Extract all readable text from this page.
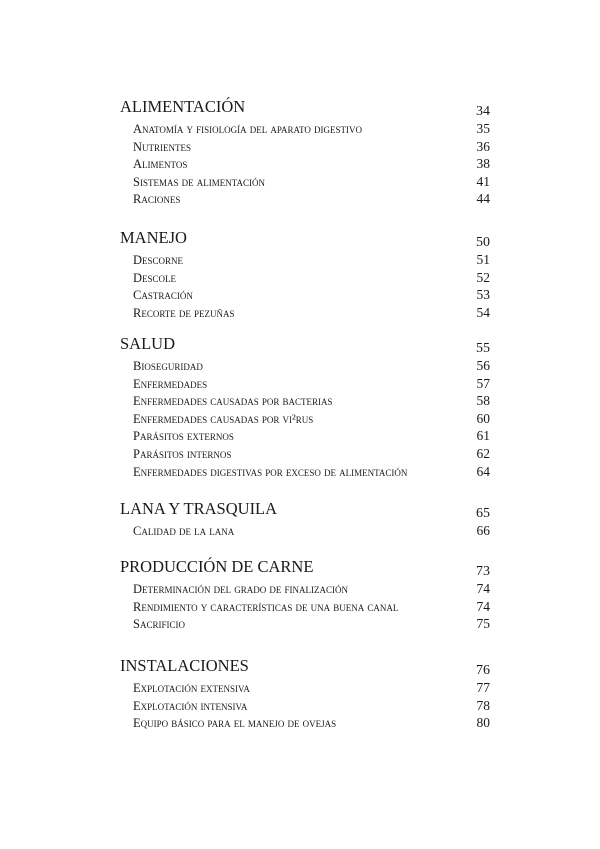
ALIMENTACIÓN	34
Anatomía y fisiología del aparato digestivo	35
Nutrientes	36
Alimentos	38
Sistemas de alimentación	41
Raciones	44
MANEJO	50
Descorne	51
Descole	52
Castración	53
Recorte de pezuñas	54
SALUD	55
Bioseguridad	56
Enfermedades	57
Enfermedades causadas por bacterias	58
Enfermedades causadas por vi²rus	60
Parásitos externos	61
Parásitos internos	62
Enfermedades digestivas por exceso de alimentación	64
LANA Y TRASQUILA	65
Calidad de la lana	66
PRODUCCIÓN DE CARNE	73
Determinación del grado de finalización	74
Rendimiento y características de una buena canal	74
Sacrificio	75
INSTALACIONES	76
Explotación extensiva	77
Explotación intensiva	78
Equipo básico para el manejo de ovejas	80
